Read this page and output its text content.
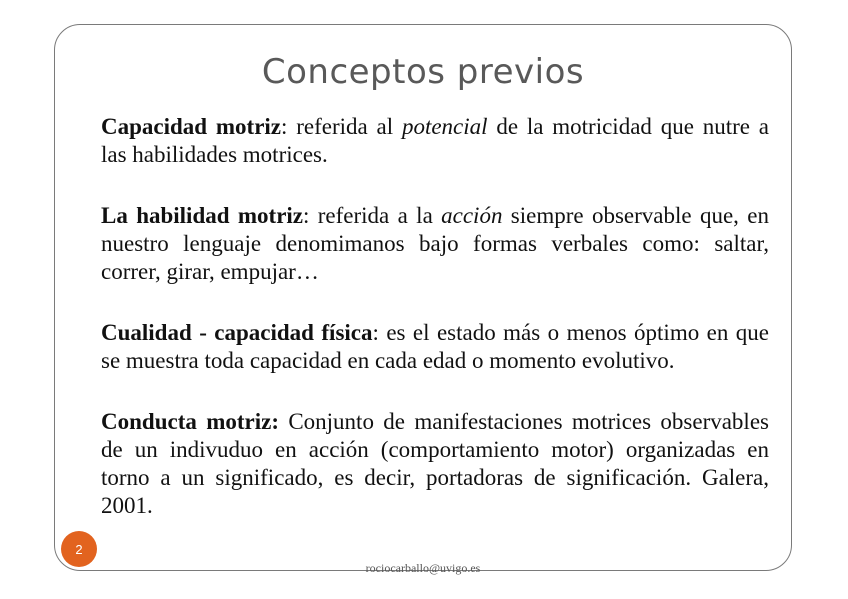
Conceptos previos

Capacidad motriz: referida al potencial de la motricidad que nutre a las habilidades motrices.

La habilidad motriz: referida a la acción siempre observable que, en nuestro lenguaje denomimanos bajo formas verbales como: saltar, correr, girar, empujar…

Cualidad - capacidad física: es el estado más o menos óptimo en que se muestra toda capacidad en cada edad o momento evolutivo.

Conducta motriz: Conjunto de manifestaciones motrices observables de un indivuduo en acción (comportamiento motor) organizadas en torno a un significado, es decir, portadoras de significación. Galera, 2001.

rociocarballo@uvigo.es
2
